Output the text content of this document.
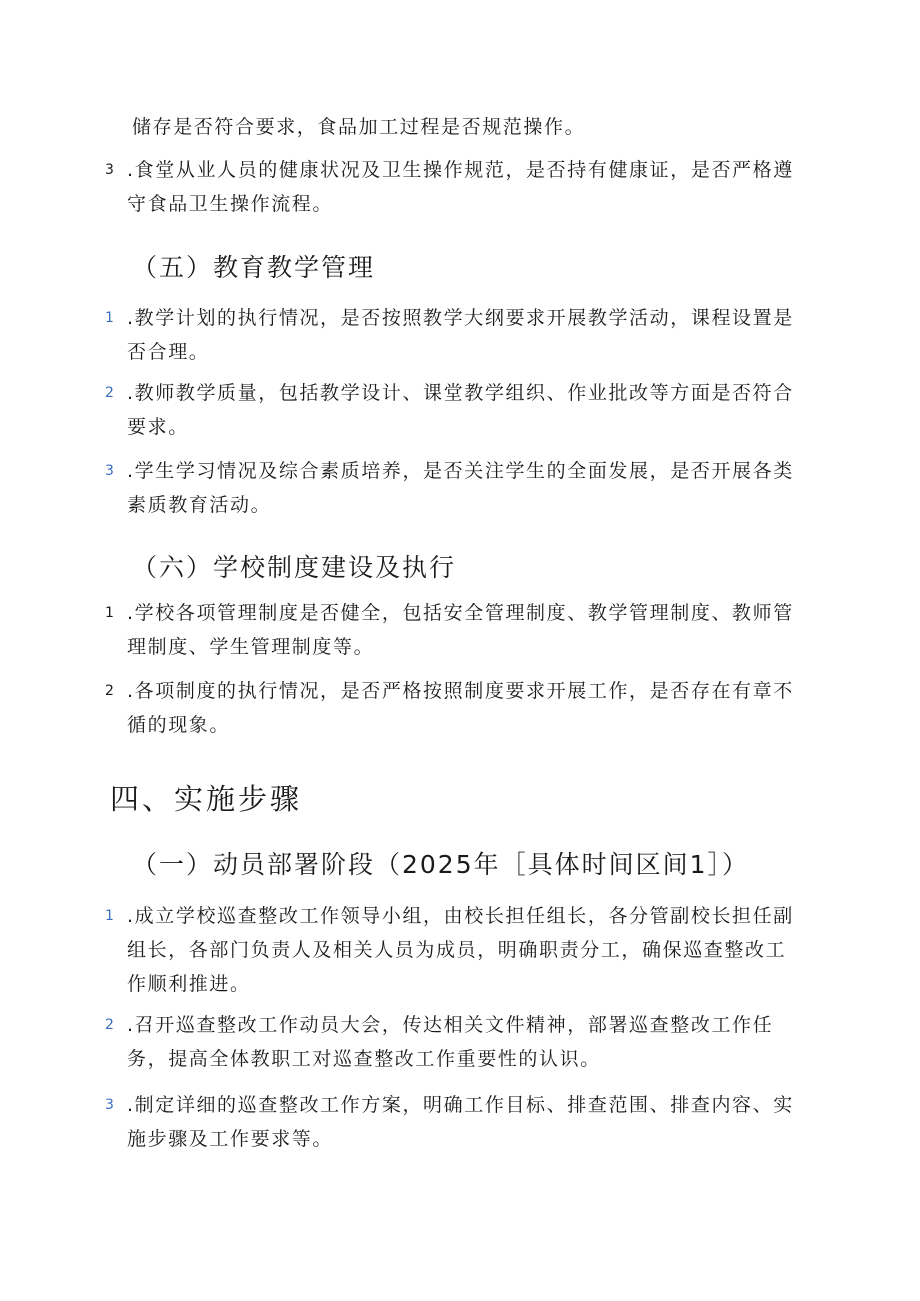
储存是否符合要求，食品加工过程是否规范操作。

3 .食堂从业人员的健康状况及卫生操作规范，是否持有健康证，是否严格遵守食品卫生操作流程。
（五）教育教学管理
1 .教学计划的执行情况，是否按照教学大纲要求开展教学活动，课程设置是否合理。
2 .教师教学质量，包括教学设计、课堂教学组织、作业批改等方面是否符合要求。
3 .学生学习情况及综合素质培养，是否关注学生的全面发展，是否开展各类素质教育活动。
（六）学校制度建设及执行
1 .学校各项管理制度是否健全，包括安全管理制度、教学管理制度、教师管理制度、学生管理制度等。
2 .各项制度的执行情况，是否严格按照制度要求开展工作，是否存在有章不循的现象。
四、实施步骤
（一）动员部署阶段（2025年［具体时间区间1］）
1 .成立学校巡查整改工作领导小组，由校长担任组长，各分管副校长担任副组长，各部门负责人及相关人员为成员，明确职责分工，确保巡查整改工作顺利推进。
2 .召开巡查整改工作动员大会，传达相关文件精神，部署巡查整改工作任务，提高全体教职工对巡查整改工作重要性的认识。
3 .制定详细的巡查整改工作方案，明确工作目标、排查范围、排查内容、实施步骤及工作要求等。
